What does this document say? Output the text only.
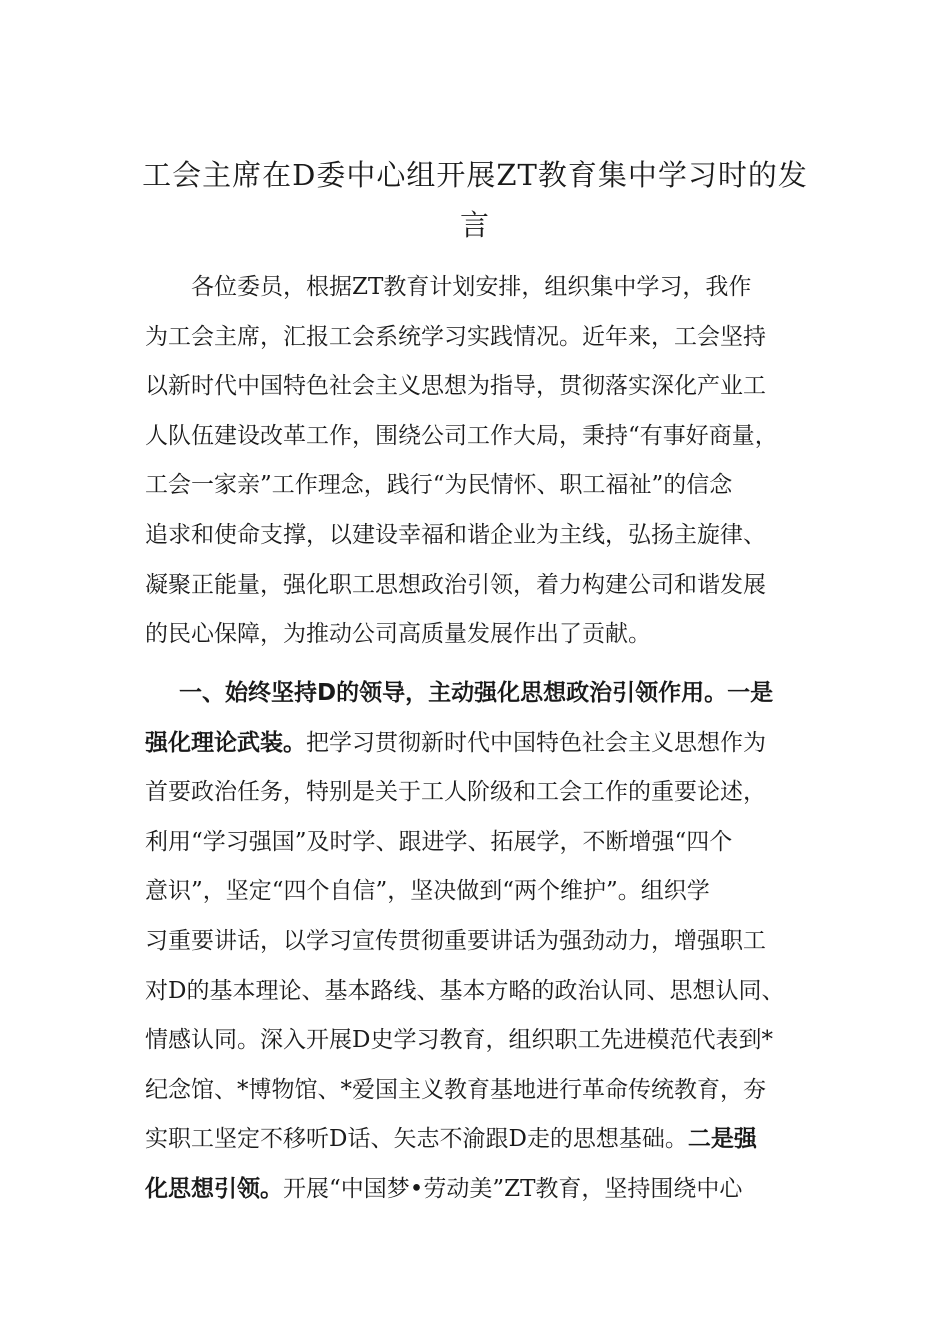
工会主席在D委中心组开展ZT教育集中学习时的发
言
各位委员，根据ZT教育计划安排，组织集中学习，我作
为工会主席，汇报工会系统学习实践情况。近年来，工会坚持
以新时代中国特色社会主义思想为指导，贯彻落实深化产业工
人队伍建设改革工作，围绕公司工作大局，秉持“有事好商量，
工会一家亲”工作理念，践行“为民情怀、职工福祉”的信念
追求和使命支撑，以建设幸福和谐企业为主线，弘扬主旋律、
凝聚正能量，强化职工思想政治引领，着力构建公司和谐发展
的民心保障，为推动公司高质量发展作出了贡献。
一、始终坚持D的领导，主动强化思想政治引领作用。一是
强化理论武装。把学习贯彻新时代中国特色社会主义思想作为
首要政治任务，特别是关于工人阶级和工会工作的重要论述，
利用“学习强国”及时学、跟进学、拓展学，不断增强“四个
意识”，坚定“四个自信”，坚决做到“两个维护”。组织学
习重要讲话，以学习宣传贯彻重要讲话为强劲动力，增强职工
对D的基本理论、基本路线、基本方略的政治认同、思想认同、
情感认同。深入开展D史学习教育，组织职工先进模范代表到*
纪念馆、*博物馆、*爱国主义教育基地进行革命传统教育，夯
实职工坚定不移听D话、矢志不渝跟D走的思想基础。二是强
化思想引领。开展“中国梦•劳动美”ZT教育，坚持围绕中心
